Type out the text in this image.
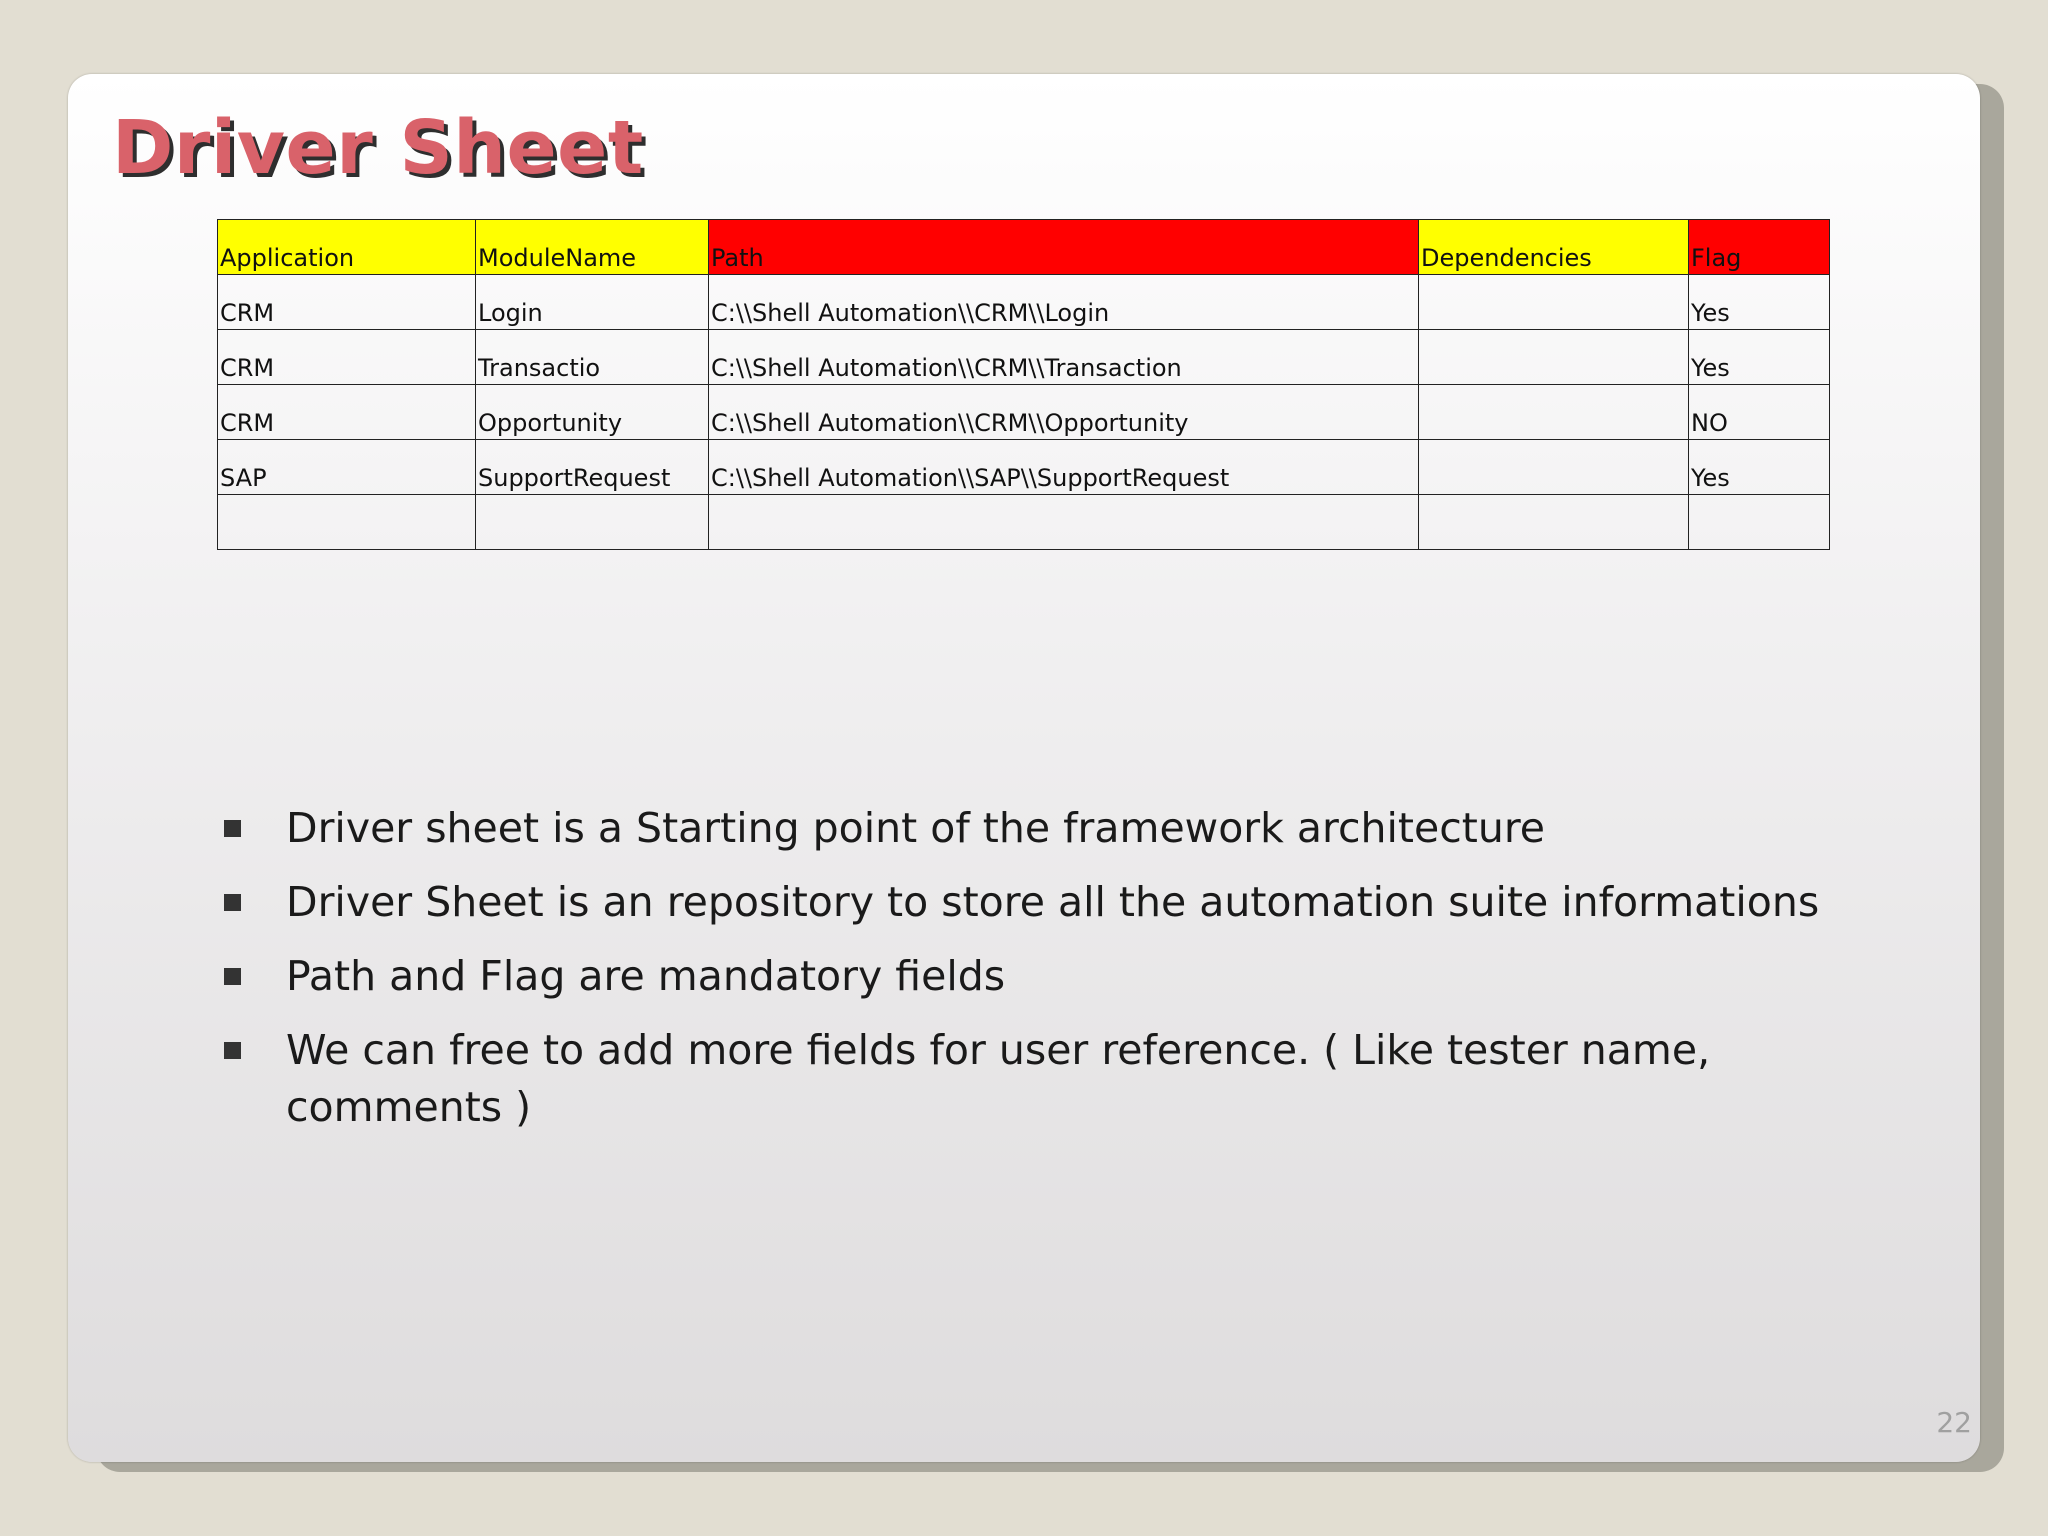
Driver Sheet
Application	ModuleName	Path	Dependencies	Flag
CRM	Login	C:\\Shell Automation\\CRM\\Login		Yes
CRM	Transactio	C:\\Shell Automation\\CRM\\Transaction		Yes
CRM	Opportunity	C:\\Shell Automation\\CRM\\Opportunity		NO
SAP	SupportRequest	C:\\Shell Automation\\SAP\\SupportRequest		Yes

Driver sheet is a Starting point of the framework architecture
Driver Sheet is an repository to store all the automation suite informations
Path and Flag are mandatory fields
We can free to add more fields for user reference. ( Like tester name, comments )
22
